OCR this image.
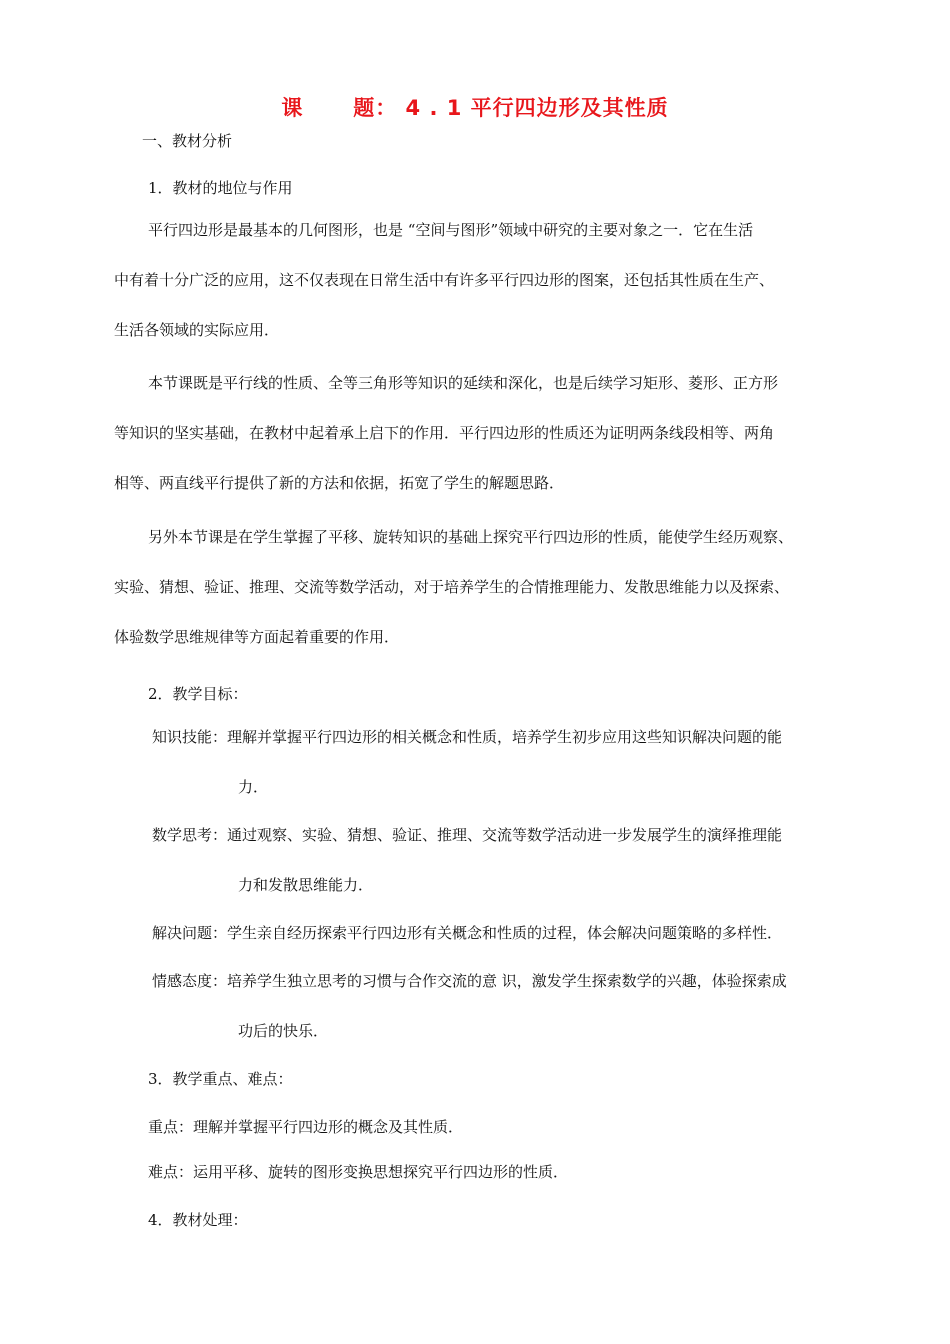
课      题： 4 . 1 平行四边形及其性质
一、教材分析
1．教材的地位与作用
平行四边形是最基本的几何图形，也是 “空间与图形”领域中研究的主要对象之一．它在生活
中有着十分广泛的应用，这不仅表现在日常生活中有许多平行四边形的图案，还包括其性质在生产、
生活各领域的实际应用．
本节课既是平行线的性质、全等三角形等知识的延续和深化，也是后续学习矩形、菱形、正方形
等知识的坚实基础，在教材中起着承上启下的作用．平行四边形的性质还为证明两条线段相等、两角
相等、两直线平行提供了新的方法和依据，拓宽了学生的解题思路．
另外本节课是在学生掌握了平移、旋转知识的基础上探究平行四边形的性质，能使学生经历观察、
实验、猜想、验证、推理、交流等数学活动，对于培养学生的合情推理能力、发散思维能力以及探索、
体验数学思维规律等方面起着重要的作用．
2．教学目标：
知识技能：理解并掌握平行四边形的相关概念和性质，培养学生初步应用这些知识解决问题的能
力．
数学思考：通过观察、实验、猜想、验证、推理、交流等数学活动进一步发展学生的演绎推理能
力和发散思维能力．
解决问题：学生亲自经历探索平行四边形有关概念和性质的过程，体会解决问题策略的多样性．
情感态度：培养学生独立思考的习惯与合作交流的意 识，激发学生探索数学的兴趣，体验探索成
功后的快乐．
3．教学重点、难点：
重点：理解并掌握平行四边形的概念及其性质．
难点：运用平移、旋转的图形变换思想探究平行四边形的性质．
4．教材处理：
